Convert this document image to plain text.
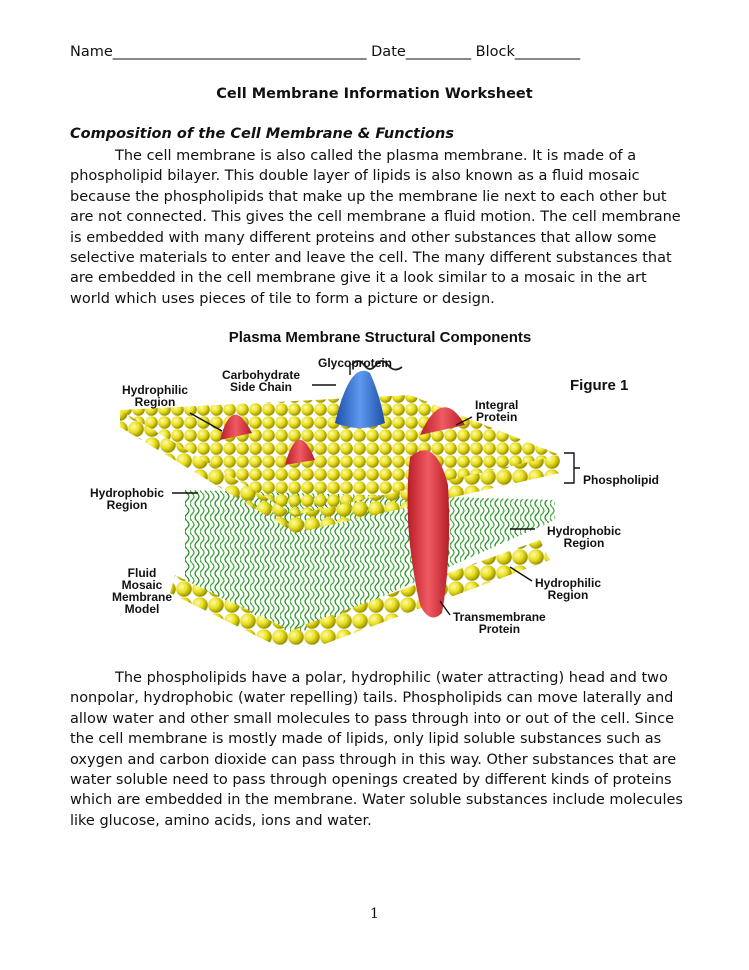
Name___________________________________ Date_________ Block_________
Cell Membrane Information Worksheet
Composition of the Cell Membrane & Functions

The cell membrane is also called the plasma membrane. It is made of a phospholipid bilayer. This double layer of lipids is also known as a fluid mosaic because the phospholipids that make up the membrane lie next to each other but are not connected. This gives the cell membrane a fluid motion. The cell membrane is embedded with many different proteins and other substances that allow some selective materials to enter and leave the cell. The many different substances that are embedded in the cell membrane give it a look similar to a mosaic in the art world which uses pieces of tile to form a picture or design.

Plasma Membrane Structural Components
Figure 1
Glycoprotein
Carbohydrate
Side Chain
Hydrophilic
Region	Integral
Protein
Phospholipid
Hydrophobic
Region
Hydrophobic
Region
Fluid
Mosaic
Membrane
Model
Hydrophilic
Region
Transmembrane
Protein

The phospholipids have a polar, hydrophilic (water attracting) head and two nonpolar, hydrophobic (water repelling) tails. Phospholipids can move laterally and allow water and other small molecules to pass through into or out of the cell. Since the cell membrane is mostly made of lipids, only lipid soluble substances such as oxygen and carbon dioxide can pass through in this way. Other substances that are water soluble need to pass through openings created by different kinds of proteins which are embedded in the membrane. Water soluble substances include molecules like glucose, amino acids, ions and water.

1
